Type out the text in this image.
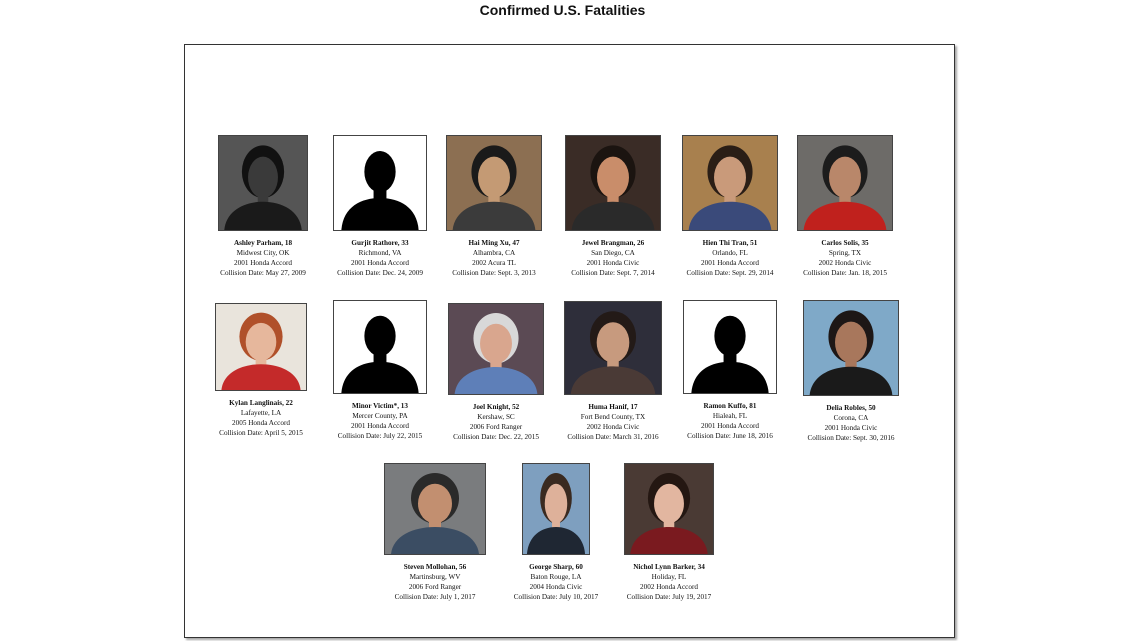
Confirmed U.S. Fatalities
Ashley Parham, 18
Midwest City, OK
2001 Honda Accord
Collision Date: May 27, 2009
Gurjit Rathore, 33
Richmond, VA
2001 Honda Accord
Collision Date: Dec. 24, 2009
Hai Ming Xu, 47
Alhambra, CA
2002 Acura TL
Collision Date: Sept. 3, 2013
Jewel Brangman, 26
San Diego, CA
2001 Honda Civic
Collision Date: Sept. 7, 2014
Hien Thi Tran, 51
Orlando, FL
2001 Honda Accord
Collision Date: Sept. 29, 2014
Carlos Solis, 35
Spring, TX
2002 Honda Civic
Collision Date: Jan. 18, 2015
Kylan Langlinais, 22
Lafayette, LA
2005 Honda Accord
Collision Date: April 5, 2015
Minor Victim*, 13
Mercer County, PA
2001 Honda Accord
Collision Date: July 22, 2015
Joel Knight, 52
Kershaw, SC
2006 Ford Ranger
Collision Date: Dec. 22, 2015
Huma Hanif, 17
Fort Bend County, TX
2002 Honda Civic
Collision Date: March 31, 2016
Ramon Kuffo, 81
Hialeah, FL
2001 Honda Accord
Collision Date: June 18, 2016
Delia Robles, 50
Corona, CA
2001 Honda Civic
Collision Date: Sept. 30, 2016
Steven Mollohan, 56
Martinsburg, WV
2006 Ford Ranger
Collision Date: July 1, 2017
George Sharp, 60
Baton Rouge, LA
2004 Honda Civic
Collision Date: July 10, 2017
Nichol Lynn Barker, 34
Holiday, FL
2002 Honda Accord
Collision Date: July 19, 2017
